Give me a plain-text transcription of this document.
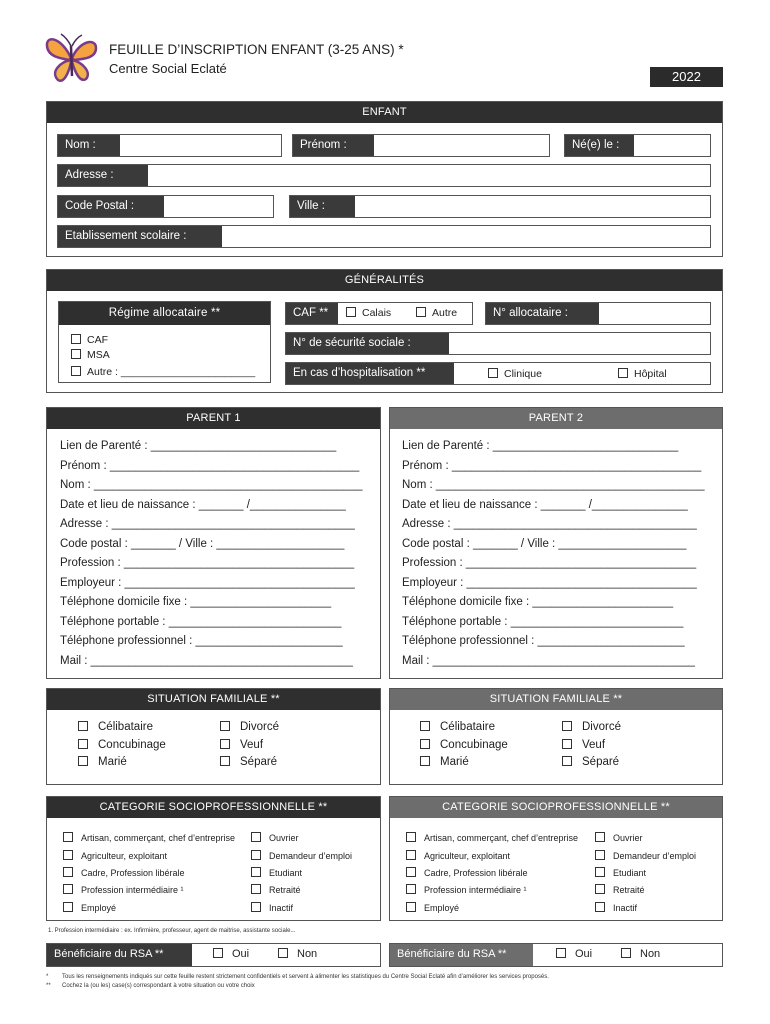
FEUILLE D’INSCRIPTION ENFANT (3-25 ANS) *
Centre Social Eclaté
2022
ENFANT
Nom :	Prénom :	Né(e) le :
Adresse :
Code Postal :	Ville :
Etablissement scolaire :
GÉNÉRALITÉS
Régime allocataire **
CAF
MSA
Autre : _______________________
CAF **	Calais	Autre	N° allocataire :
N° de sécurité sociale :
En cas d’hospitalisation **	Clinique	Hôpital
PARENT 1
Lien de Parenté : _____________________________
Prénom : _______________________________________
Nom : __________________________________________
Date et lieu de naissance : _______ /_______________
Adresse : ______________________________________
Code postal : _______ / Ville : ____________________
Profession : ____________________________________
Employeur : ____________________________________
Téléphone domicile fixe : ______________________
Téléphone portable : ___________________________
Téléphone professionnel : _______________________
Mail : _________________________________________
PARENT 2
Lien de Parenté : _____________________________
Prénom : _______________________________________
Nom : __________________________________________
Date et lieu de naissance : _______ /_______________
Adresse : ______________________________________
Code postal : _______ / Ville : ____________________
Profession : ____________________________________
Employeur : ____________________________________
Téléphone domicile fixe : ______________________
Téléphone portable : ___________________________
Téléphone professionnel : _______________________
Mail : _________________________________________
SITUATION FAMILIALE **
Célibataire
Concubinage
Marié
Divorcé
Veuf
Séparé
SITUATION FAMILIALE **
Célibataire
Concubinage
Marié
Divorcé
Veuf
Séparé
CATEGORIE SOCIOPROFESSIONNELLE **
Artisan, commerçant, chef d’entreprise
Agriculteur, exploitant
Cadre, Profession libérale
Profession intermédiaire ¹
Employé
Ouvrier
Demandeur d’emploi
Etudiant
Retraité
Inactif
CATEGORIE SOCIOPROFESSIONNELLE **
Artisan, commerçant, chef d’entreprise
Agriculteur, exploitant
Cadre, Profession libérale
Profession intermédiaire ¹
Employé
Ouvrier
Demandeur d’emploi
Etudiant
Retraité
Inactif
1. Profession intermédiaire : ex. Infirmière, professeur, agent de maitrise, assistante sociale...
Bénéficiaire du RSA **	Oui	Non	Bénéficiaire du RSA **	Oui	Non
* Tous les renseignements indiqués sur cette feuille restent strictement confidentiels et servent à alimenter les statistiques du Centre Social Eclaté afin d’améliorer les services proposés.
** Cochez la (ou les) case(s) correspondant à votre situation ou votre choix
